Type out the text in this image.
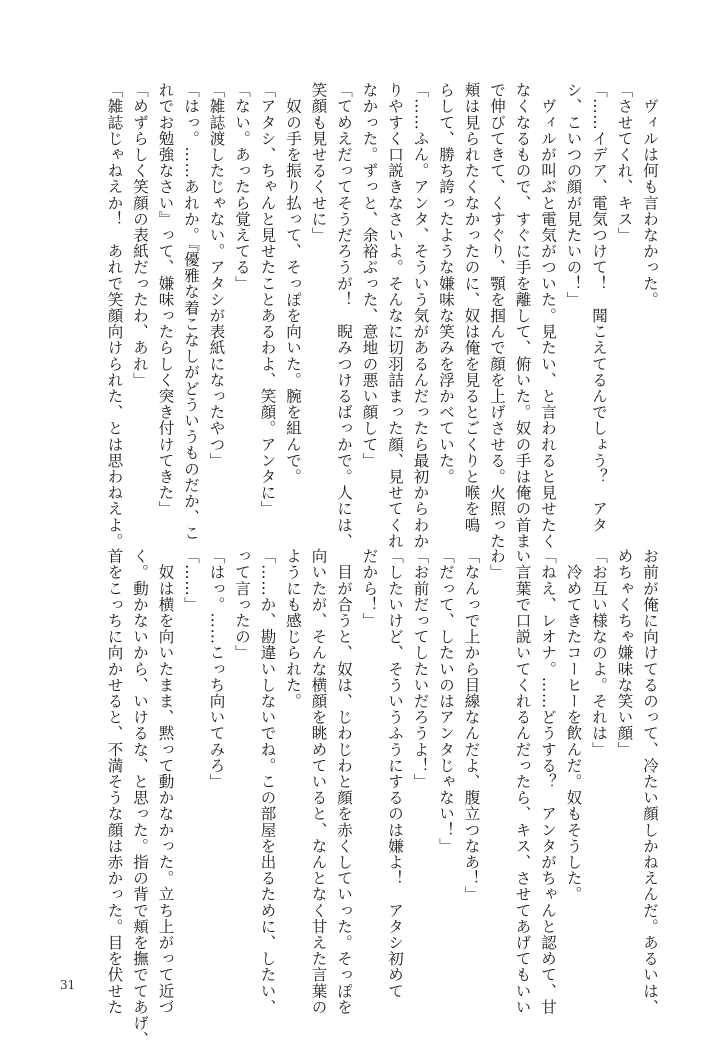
　ヴィルは何も言わなかった。
「させてくれ、キス」
「……イデア、電気つけて！　聞こえてるんでしょう？　アタ
シ、こいつの顔が見たいの！」
　ヴィルが叫ぶと電気がついた。見たい、と言われると見せたく
なくなるもので、すぐに手を離して、俯いた。奴の手は俺の首ま
で伸びてきて、くすぐり、顎を掴んで顔を上げさせる。火照った
頬は見られたくなかったのに、奴は俺を見るとごくりと喉を鳴
らして、勝ち誇ったような嫌味な笑みを浮かべていた。
「……ふん。アンタ、そういう気があるんだったら最初からわか
りやすく口説きなさいよ。そんなに切羽詰まった顔、見せてくれ
なかった。ずっと、余裕ぶった、意地の悪い顔して」
「てめえだってそうだろうが！　睨みつけるばっかで。人には、
笑顔も見せるくせに」
　奴の手を振り払って、そっぽを向いた。腕を組んで。
「アタシ、ちゃんと見せたことあるわよ、笑顔。アンタに」
「ない。あったら覚えてる」
「雑誌渡したじゃない。アタシが表紙になったやつ」
「はっ。……あれか。『優雅な着こなしがどういうものだか、こ
れでお勉強なさい』って、嫌味ったらしく突き付けてきた」
「めずらしく笑顔の表紙だったわ、あれ」
「雑誌じゃねえか！　あれで笑顔向けられた、とは思わねえよ。
お前が俺に向けてるのって、冷たい顔しかねえんだ。あるいは、
めちゃくちゃ嫌味な笑い顔」
「お互い様なのよ。それは」
　冷めてきたコーヒーを飲んだ。奴もそうした。
「ねえ、レオナ。……どうする？　アンタがちゃんと認めて、甘
い言葉で口説いてくれるんだったら、キス、させてあげてもいい
わ」
「なんっで上から目線なんだよ、腹立つなあ！」
「だって、したいのはアンタじゃない！」
「お前だってしたいだろうよ！」
「したいけど、そういうふうにするのは嫌よ！　アタシ初めて
だから！」
　目が合うと、奴は、じわじわと顔を赤くしていった。そっぽを
向いたが、そんな横顔を眺めていると、なんとなく甘えた言葉の
ようにも感じられた。
「……か、勘違いしないでね。この部屋を出るために、したい、
って言ったの」
「はっ。……こっち向いてみろ」
「……」
　奴は横を向いたまま、黙って動かなかった。立ち上がって近づ
く。動かないから、いけるな、と思った。指の背で頬を撫でてあげ、
首をこっちに向かせると、不満そうな顔は赤かった。目を伏せた
31
